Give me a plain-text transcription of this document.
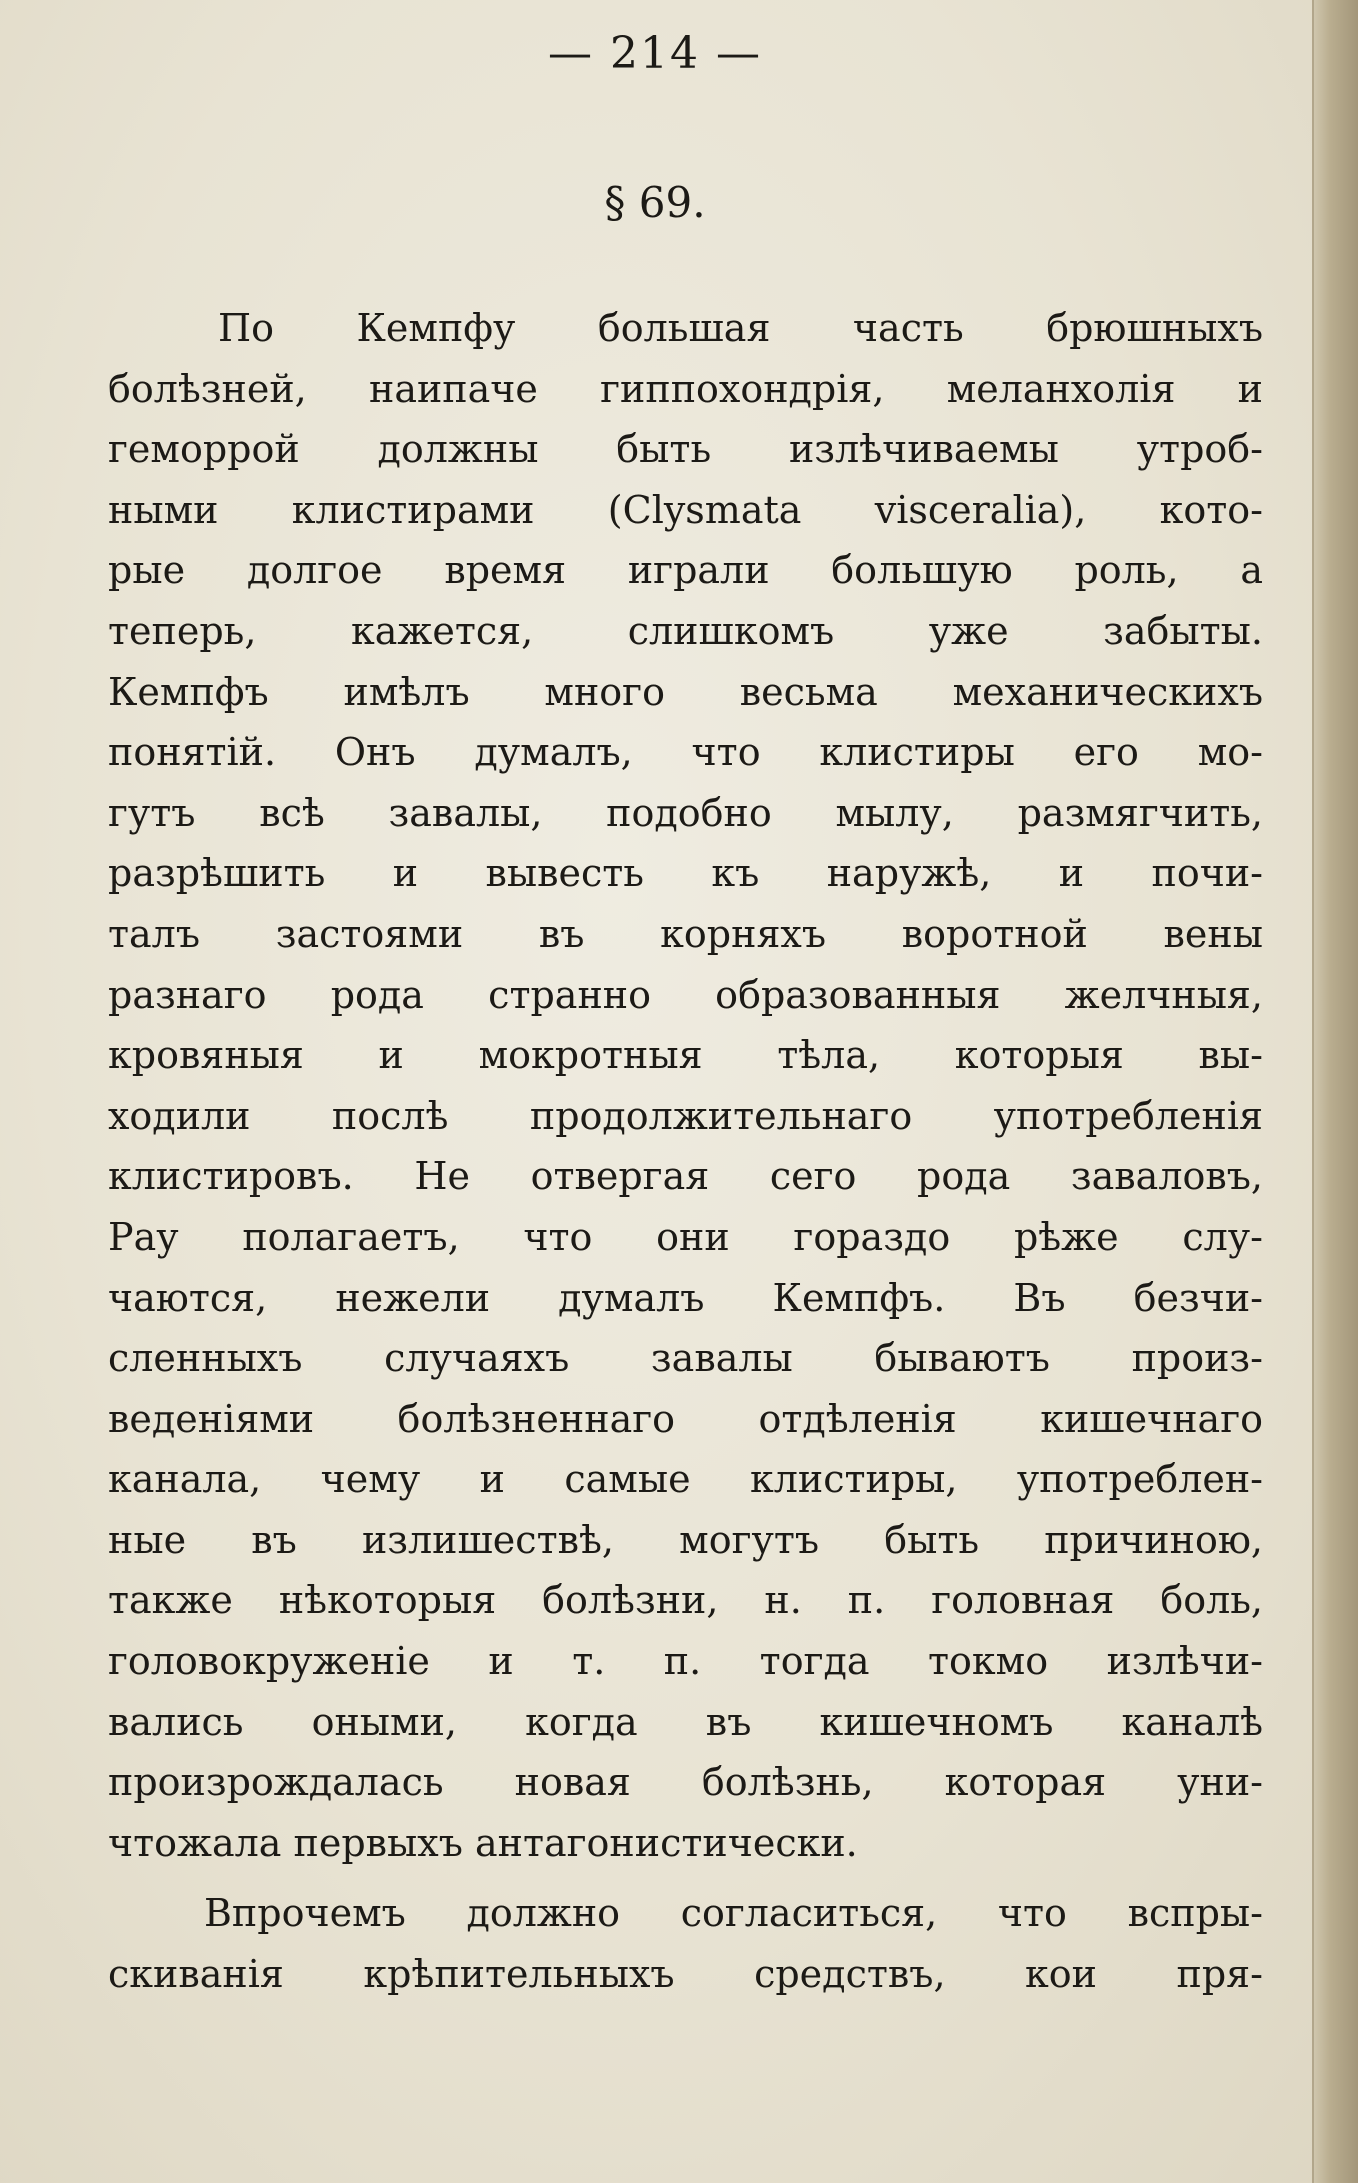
— 214 —
§ 69.
По Кемпфу большая часть брюшныхъ
болѣзней, наипаче гиппохондрія, меланхолія и
геморрой должны быть излѣчиваемы утроб-
ными клистирами (Clysmata visceralia), кото-
рые долгое время играли большую роль, а
теперь, кажется, слишкомъ уже забыты.
Кемпфъ имѣлъ много весьма механическихъ
понятій. Онъ думалъ, что клистиры его мо-
гутъ всѣ завалы, подобно мылу, размягчить,
разрѣшить и вывесть къ наружѣ, и почи-
талъ застоями въ корняхъ воротной вены
разнаго рода странно образованныя желчныя,
кровяныя и мокротныя тѣла, которыя вы-
ходили послѣ продолжительнаго употребленія
клистировъ. Не отвергая сего рода заваловъ,
Рау полагаетъ, что они гораздо рѣже слу-
чаются, нежели думалъ Кемпфъ. Въ безчи-
сленныхъ случаяхъ завалы бываютъ произ-
веденіями болѣзненнаго отдѣленія кишечнаго
канала, чему и самые клистиры, употреблен-
ные въ излишествѣ, могутъ быть причиною,
также нѣкоторыя болѣзни, н. п. головная боль,
головокруженіе и т. п. тогда токмо излѣчи-
вались оными, когда въ кишечномъ каналѣ
произрождалась новая болѣзнь, которая уни-
чтожала первыхъ антагонистически.
Впрочемъ должно согласиться, что вспры-
скиванія крѣпительныхъ средствъ, кои пря-
